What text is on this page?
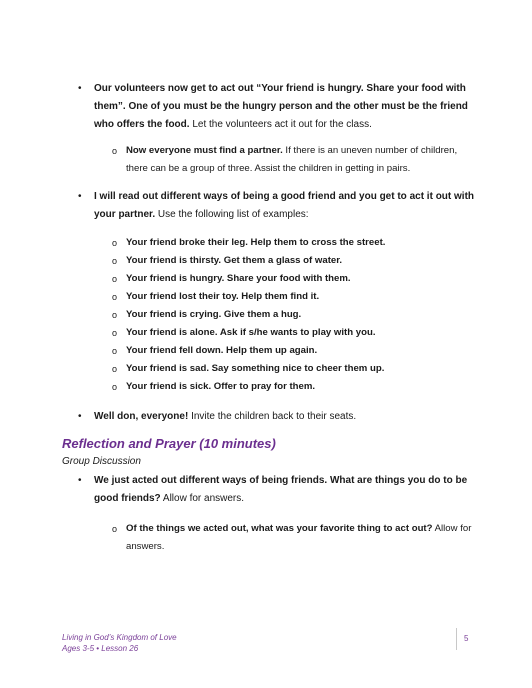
•	Our volunteers now get to act out “Your friend is hungry. Share your food with them”. One of you must be the hungry person and the other must be the friend who offers the food. Let the volunteers act it out for the class.
o Now everyone must find a partner. If there is an uneven number of children, there can be a group of three. Assist the children in getting in pairs.
•	I will read out different ways of being a good friend and you get to act it out with your partner. Use the following list of examples:
o Your friend broke their leg. Help them to cross the street.
o Your friend is thirsty. Get them a glass of water.
o Your friend is hungry. Share your food with them.
o Your friend lost their toy. Help them find it.
o Your friend is crying. Give them a hug.
o Your friend is alone. Ask if s/he wants to play with you.
o Your friend fell down. Help them up again.
o Your friend is sad. Say something nice to cheer them up.
o Your friend is sick. Offer to pray for them.
•	Well don, everyone! Invite the children back to their seats.
Reflection and Prayer (10 minutes)
Group Discussion
•	We just acted out different ways of being friends. What are things you do to be good friends? Allow for answers.
o Of the things we acted out, what was your favorite thing to act out? Allow for answers.
Living in God’s Kingdom of Love
Ages 3-5 • Lesson 26
5
